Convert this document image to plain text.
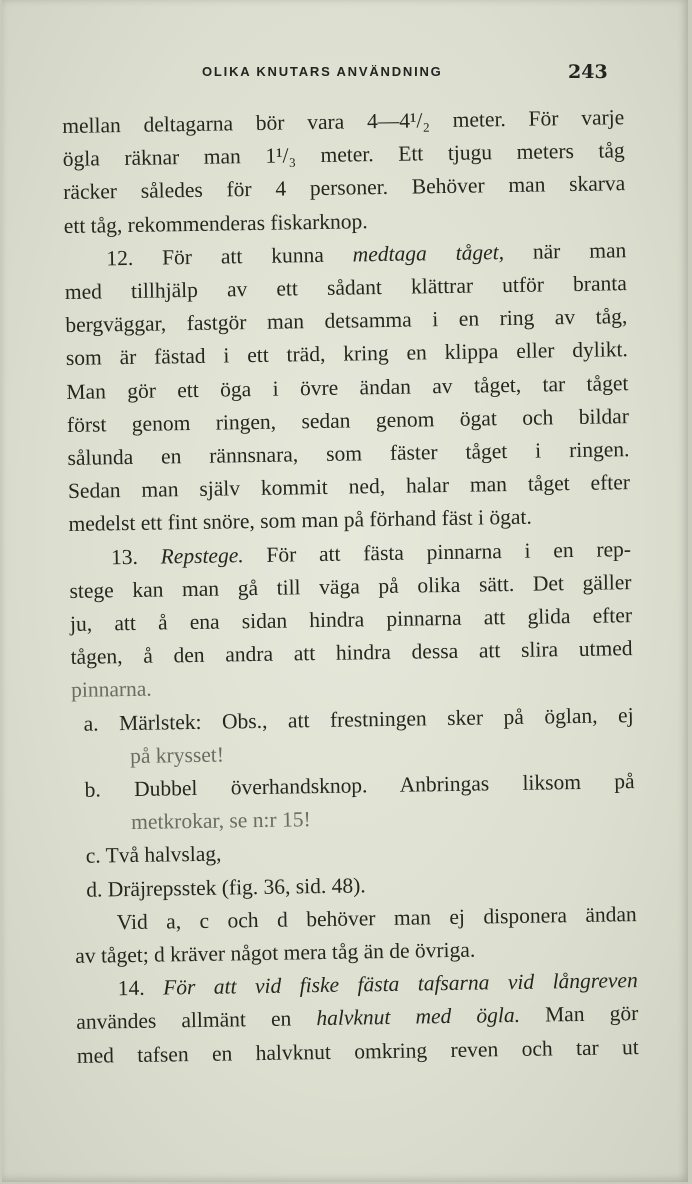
OLIKA KNUTARS ANVÄNDNING	243
mellan deltagarna bör vara 4—4¹/₂ meter. För varje
ögla räknar man 1¹/₃ meter. Ett tjugu meters tåg
räcker således för 4 personer. Behöver man skarva
ett tåg, rekommenderas fiskarknop.
12. För att kunna medtaga tåget, när man
med tillhjälp av ett sådant klättrar utför branta
bergväggar, fastgör man detsamma i en ring av tåg,
som är fästad i ett träd, kring en klippa eller dylikt.
Man gör ett öga i övre ändan av tåget, tar tåget
först genom ringen, sedan genom ögat och bildar
sålunda en rännsnara, som fäster tåget i ringen.
Sedan man själv kommit ned, halar man tåget efter
medelst ett fint snöre, som man på förhand fäst i ögat.
13. Repstege. För att fästa pinnarna i en rep-
stege kan man gå till väga på olika sätt. Det gäller
ju, att å ena sidan hindra pinnarna att glida efter
tågen, å den andra att hindra dessa att slira utmed
pinnarna.
a. Märlstek: Obs., att frestningen sker på öglan, ej
på krysset!
b. Dubbel överhandsknop. Anbringas liksom på
metkrokar, se n:r 15!
c. Två halvslag,
d. Dräjrepsstek (fig. 36, sid. 48).
Vid a, c och d behöver man ej disponera ändan
av tåget; d kräver något mera tåg än de övriga.
14. För att vid fiske fästa tafsarna vid långreven
användes allmänt en halvknut med ögla. Man gör
med tafsen en halvknut omkring reven och tar ut
